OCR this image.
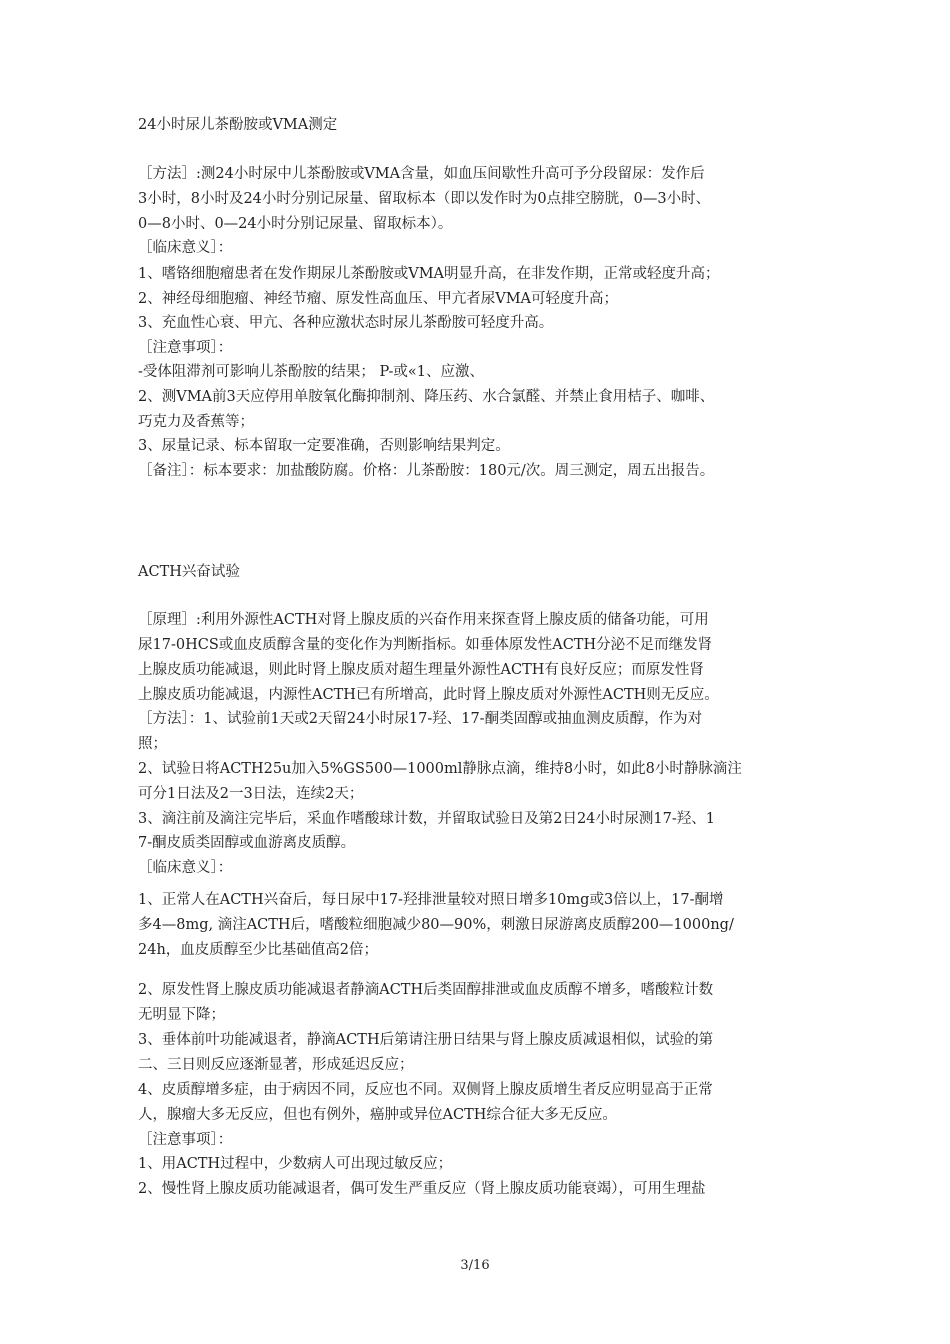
24小时尿儿茶酚胺或VMA测定
［方法］:测24小时尿中儿茶酚胺或VMA含量，如血压间歇性升高可予分段留尿：发作后
3小时，8小时及24小时分别记尿量、留取标本（即以发作时为0点排空膀胱，0—3小时、
0—8小时、0—24小时分别记尿量、留取标本）。
［临床意义］：
1、嗜铬细胞瘤患者在发作期尿儿茶酚胺或VMA明显升高，在非发作期，正常或轻度升高；
2、神经母细胞瘤、神经节瘤、原发性高血压、甲亢者尿VMA可轻度升高；
3、充血性心衰、甲亢、各种应激状态时尿儿茶酚胺可轻度升高。
［注意事项］：
-受体阻滞剂可影响儿茶酚胺的结果； P-或«1、应激、
2、测VMA前3天应停用单胺氧化酶抑制剂、降压药、水合氯醛、并禁止食用桔子、咖啡、
巧克力及香蕉等；
3、尿量记录、标本留取一定要准确，否则影响结果判定。
［备注］：标本要求：加盐酸防腐。价格：儿茶酚胺：180元/次。周三测定，周五出报告。
ACTH兴奋试验
［原理］:利用外源性ACTH对肾上腺皮质的兴奋作用来探查肾上腺皮质的储备功能，可用
尿17-0HCS或血皮质醇含量的变化作为判断指标。如垂体原发性ACTH分泌不足而继发肾
上腺皮质功能减退，则此时肾上腺皮质对超生理量外源性ACTH有良好反应；而原发性肾
上腺皮质功能减退，内源性ACTH已有所增高，此时肾上腺皮质对外源性ACTH则无反应。
［方法］：1、试验前1天或2天留24小时尿17-羟、17-酮类固醇或抽血测皮质醇，作为对
照；
2、试验日将ACTH25u加入5%GS500—1000ml静脉点滴，维持8小时，如此8小时静脉滴注
可分1日法及2一3日法，连续2天；
3、滴注前及滴注完毕后，采血作嗜酸球计数，并留取试验日及第2日24小时尿测17-羟、1
7-酮皮质类固醇或血游离皮质醇。
［临床意义］：
1、正常人在ACTH兴奋后，每日尿中17-羟排泄量较对照日增多10mg或3倍以上，17-酮增
多4—8mg, 滴注ACTH后，嗜酸粒细胞减少80—90%，刺激日尿游离皮质醇200—1000ng/
24h，血皮质醇至少比基础值高2倍；
2、原发性肾上腺皮质功能减退者静滴ACTH后类固醇排泄或血皮质醇不增多，嗜酸粒计数
无明显下降；
3、垂体前叶功能减退者，静滴ACTH后第请注册日结果与肾上腺皮质减退相似，试验的第
二、三日则反应逐渐显著，形成延迟反应；
4、皮质醇增多症，由于病因不同，反应也不同。双侧肾上腺皮质增生者反应明显高于正常
人，腺瘤大多无反应，但也有例外，癌肿或异位ACTH综合征大多无反应。
［注意事项］：
1、用ACTH过程中，少数病人可出现过敏反应；
2、慢性肾上腺皮质功能减退者，偶可发生严重反应（肾上腺皮质功能衰竭），可用生理盐
3/16
